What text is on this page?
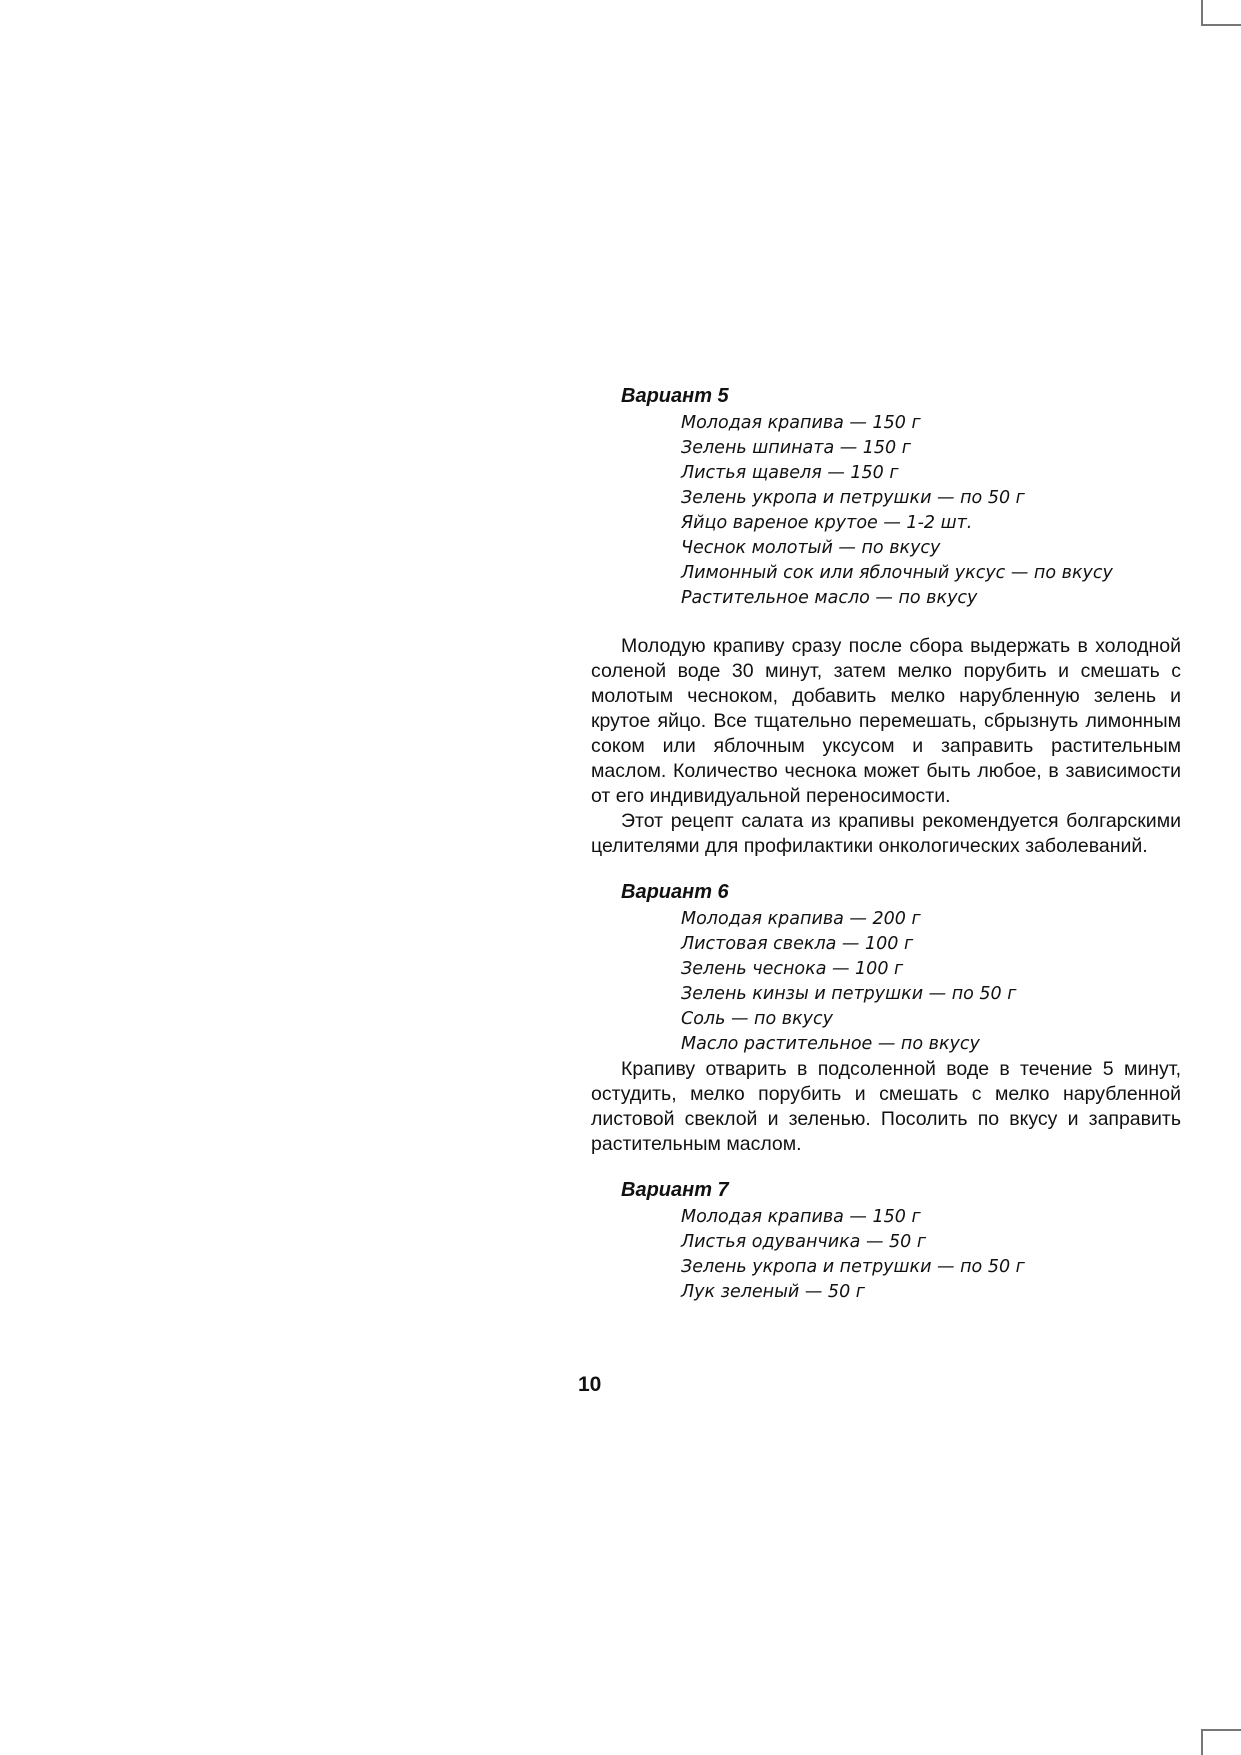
Вариант 5
Молодая крапива — 150 г
Зелень шпината — 150 г
Листья щавеля — 150 г
Зелень укропа и петрушки — по 50 г
Яйцо вареное крутое — 1-2 шт.
Чеснок молотый — по вкусу
Лимонный сок или яблочный уксус — по вкусу
Растительное масло — по вкусу

Молодую крапиву сразу после сбора выдержать в холодной соленой воде 30 минут, затем мелко порубить и смешать с молотым чесноком, добавить мелко нарубленную зелень и крутое яйцо. Все тщательно перемешать, сбрызнуть лимонным соком или яблочным уксусом и заправить растительным маслом. Количество чеснока может быть любое, в зависимости от его индивидуальной переносимости.

Этот рецепт салата из крапивы рекомендуется болгарскими целителями для профилактики онкологических заболеваний.

Вариант 6
Молодая крапива — 200 г
Листовая свекла — 100 г
Зелень чеснока — 100 г
Зелень кинзы и петрушки — по 50 г
Соль — по вкусу
Масло растительное — по вкусу

Крапиву отварить в подсоленной воде в течение 5 минут, остудить, мелко порубить и смешать с мелко нарубленной листовой свеклой и зеленью. Посолить по вкусу и заправить растительным маслом.

Вариант 7
Молодая крапива — 150 г
Листья одуванчика — 50 г
Зелень укропа и петрушки — по 50 г
Лук зеленый — 50 г
10
